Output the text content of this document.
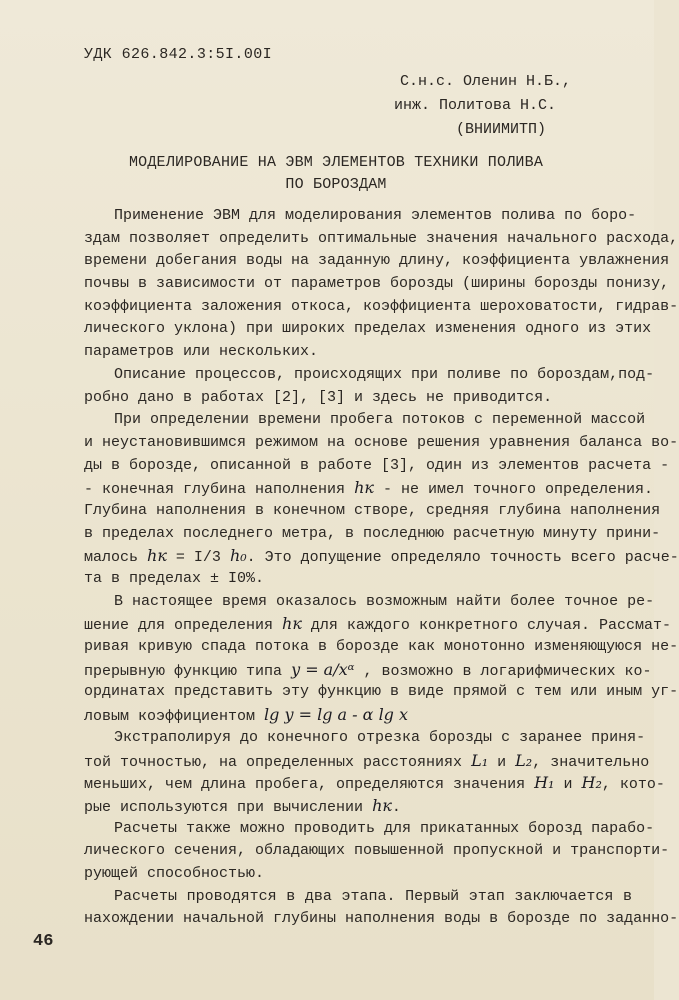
УДК 626.842.3:5I.00I
С.н.с. Оленин Н.Б.,
инж. Политова Н.С.
(ВНИИМИТП)
МОДЕЛИРОВАНИЕ НА ЭВМ ЭЛЕМЕНТОВ ТЕХНИКИ ПОЛИВА
ПО БОРОЗДАМ
Применение ЭВМ для моделирования элементов полива по боро-
здам позволяет определить оптимальные значения начального расхода,
времени добегания воды на заданную длину, коэффициента увлажнения
почвы в зависимости от параметров борозды (ширины борозды понизу,
коэффициента заложения откоса, коэффициента шероховатости, гидрав-
лического уклона) при широких пределах изменения одного из этих
параметров или нескольких.
Описание процессов, происходящих при поливе по бороздам,под-
робно дано в работах [2], [3] и здесь не приводится.
При определении времени пробега потоков с переменной массой
и неустановившимся режимом на основе решения уравнения баланса во-
ды в борозде, описанной в работе [3], один из элементов расчета -
- конечная глубина наполнения hк - не имел точного определения.
Глубина наполнения в конечном створе, средняя глубина наполнения
в пределах последнего метра, в последнюю расчетную минуту прини-
малось hк = I/3 h₀. Это допущение определяло точность всего расче-
та в пределах ± I0%.
В настоящее время оказалось возможным найти более точное ре-
шение для определения hк для каждого конкретного случая. Рассмат-
ривая кривую спада потока в борозде как монотонно изменяющуюся не-
прерывную функцию типа y = a/xᵅ , возможно в логарифмических ко-
ординатах представить эту функцию в виде прямой с тем или иным уг-
ловым коэффициентом lg y = lg a - α lg x
Экстраполируя до конечного отрезка борозды с заранее приня-
той точностью, на определенных расстояниях L₁ и L₂, значительно
меньших, чем длина пробега, определяются значения H₁ и H₂, кото-
рые используются при вычислении hк.
Расчеты также можно проводить для прикатанных борозд парабо-
лического сечения, обладающих повышенной пропускной и транспорти-
рующей способностью.
Расчеты проводятся в два этапа. Первый этап заключается в
нахождении начальной глубины наполнения воды в борозде по заданно-
46
